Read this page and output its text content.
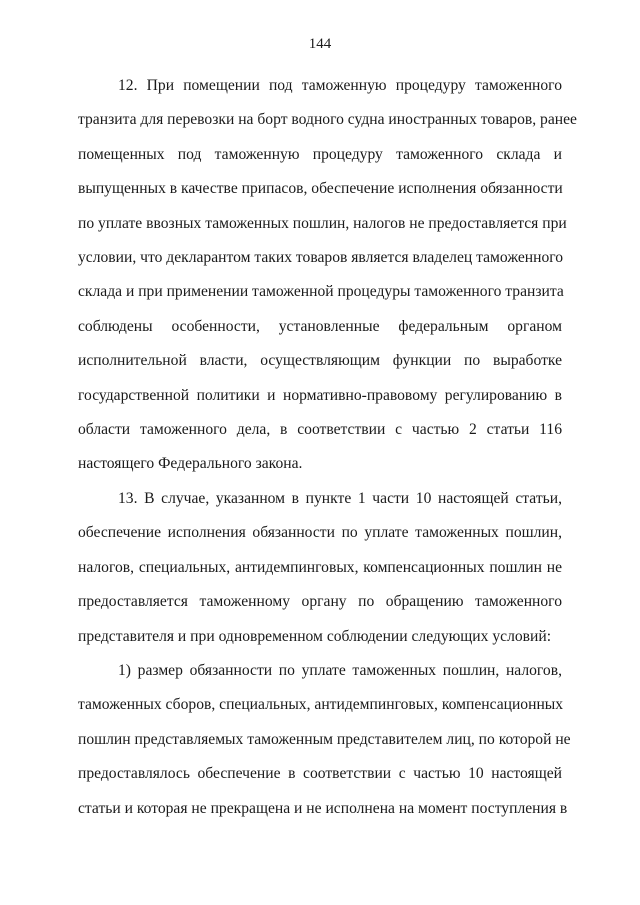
144

12. При помещении под таможенную процедуру таможенного
транзита для перевозки на борт водного судна иностранных товаров, ранее
помещенных под таможенную процедуру таможенного склада и
выпущенных в качестве припасов, обеспечение исполнения обязанности
по уплате ввозных таможенных пошлин, налогов не предоставляется при
условии, что декларантом таких товаров является владелец таможенного
склада и при применении таможенной процедуры таможенного транзита
соблюдены особенности, установленные федеральным органом
исполнительной власти, осуществляющим функции по выработке
государственной политики и нормативно-правовому регулированию в
области таможенного дела, в соответствии с частью 2 статьи 116
настоящего Федерального закона.

13. В случае, указанном в пункте 1 части 10 настоящей статьи,
обеспечение исполнения обязанности по уплате таможенных пошлин,
налогов, специальных, антидемпинговых, компенсационных пошлин не
предоставляется таможенному органу по обращению таможенного
представителя и при одновременном соблюдении следующих условий:

1) размер обязанности по уплате таможенных пошлин, налогов,
таможенных сборов, специальных, антидемпинговых, компенсационных
пошлин представляемых таможенным представителем лиц, по которой не
предоставлялось обеспечение в соответствии с частью 10 настоящей
статьи и которая не прекращена и не исполнена на момент поступления в
